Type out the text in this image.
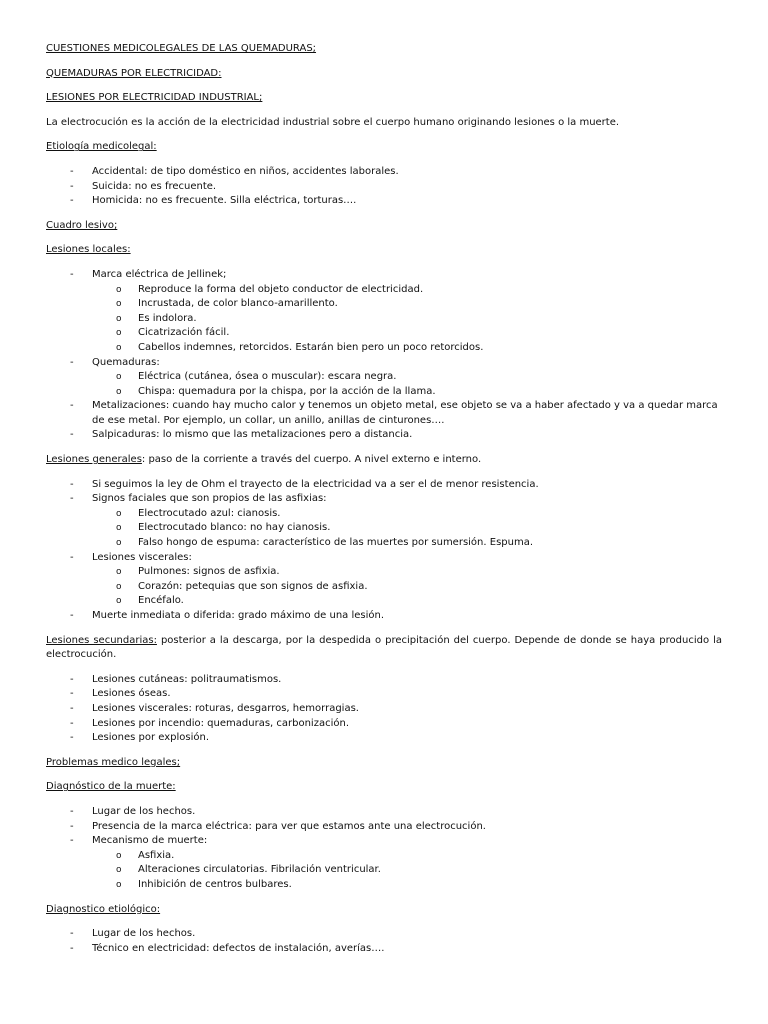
CUESTIONES MEDICOLEGALES DE LAS QUEMADURAS;

QUEMADURAS POR ELECTRICIDAD:

LESIONES POR ELECTRICIDAD INDUSTRIAL;

La electrocución es la acción de la electricidad industrial sobre el cuerpo humano originando lesiones o la muerte.

Etiología medicolegal:

- Accidental: de tipo doméstico en niños, accidentes laborales.
- Suicida: no es frecuente.
- Homicida: no es frecuente. Silla eléctrica, torturas….

Cuadro lesivo;

Lesiones locales:

- Marca eléctrica de Jellinek;
o Reproduce la forma del objeto conductor de electricidad.
o Incrustada, de color blanco-amarillento.
o Es indolora.
o Cicatrización fácil.
o Cabellos indemnes, retorcidos. Estarán bien pero un poco retorcidos.
- Quemaduras:
o Eléctrica (cutánea, ósea o muscular): escara negra.
o Chispa: quemadura por la chispa, por la acción de la llama.
- Metalizaciones: cuando hay mucho calor y tenemos un objeto metal, ese objeto se va a haber afectado y va a quedar marca de ese metal. Por ejemplo, un collar, un anillo, anillas de cinturones….
- Salpicaduras: lo mismo que las metalizaciones pero a distancia.

Lesiones generales: paso de la corriente a través del cuerpo. A nivel externo e interno.

- Si seguimos la ley de Ohm el trayecto de la electricidad va a ser el de menor resistencia.
- Signos faciales que son propios de las asfixias:
o Electrocutado azul: cianosis.
o Electrocutado blanco: no hay cianosis.
o Falso hongo de espuma: característico de las muertes por sumersión. Espuma.
- Lesiones viscerales:
o Pulmones: signos de asfixia.
o Corazón: petequias que son signos de asfixia.
o Encéfalo.
- Muerte inmediata o diferida: grado máximo de una lesión.

Lesiones secundarias: posterior a la descarga, por la despedida o precipitación del cuerpo. Depende de donde se haya producido la electrocución.

- Lesiones cutáneas: politraumatismos.
- Lesiones óseas.
- Lesiones viscerales: roturas, desgarros, hemorragias.
- Lesiones por incendio: quemaduras, carbonización.
- Lesiones por explosión.

Problemas medico legales;

Diagnóstico de la muerte:

- Lugar de los hechos.
- Presencia de la marca eléctrica: para ver que estamos ante una electrocución.
- Mecanismo de muerte:
o Asfixia.
o Alteraciones circulatorias. Fibrilación ventricular.
o Inhibición de centros bulbares.

Diagnostico etiológico:

- Lugar de los hechos.
- Técnico en electricidad: defectos de instalación, averías….
